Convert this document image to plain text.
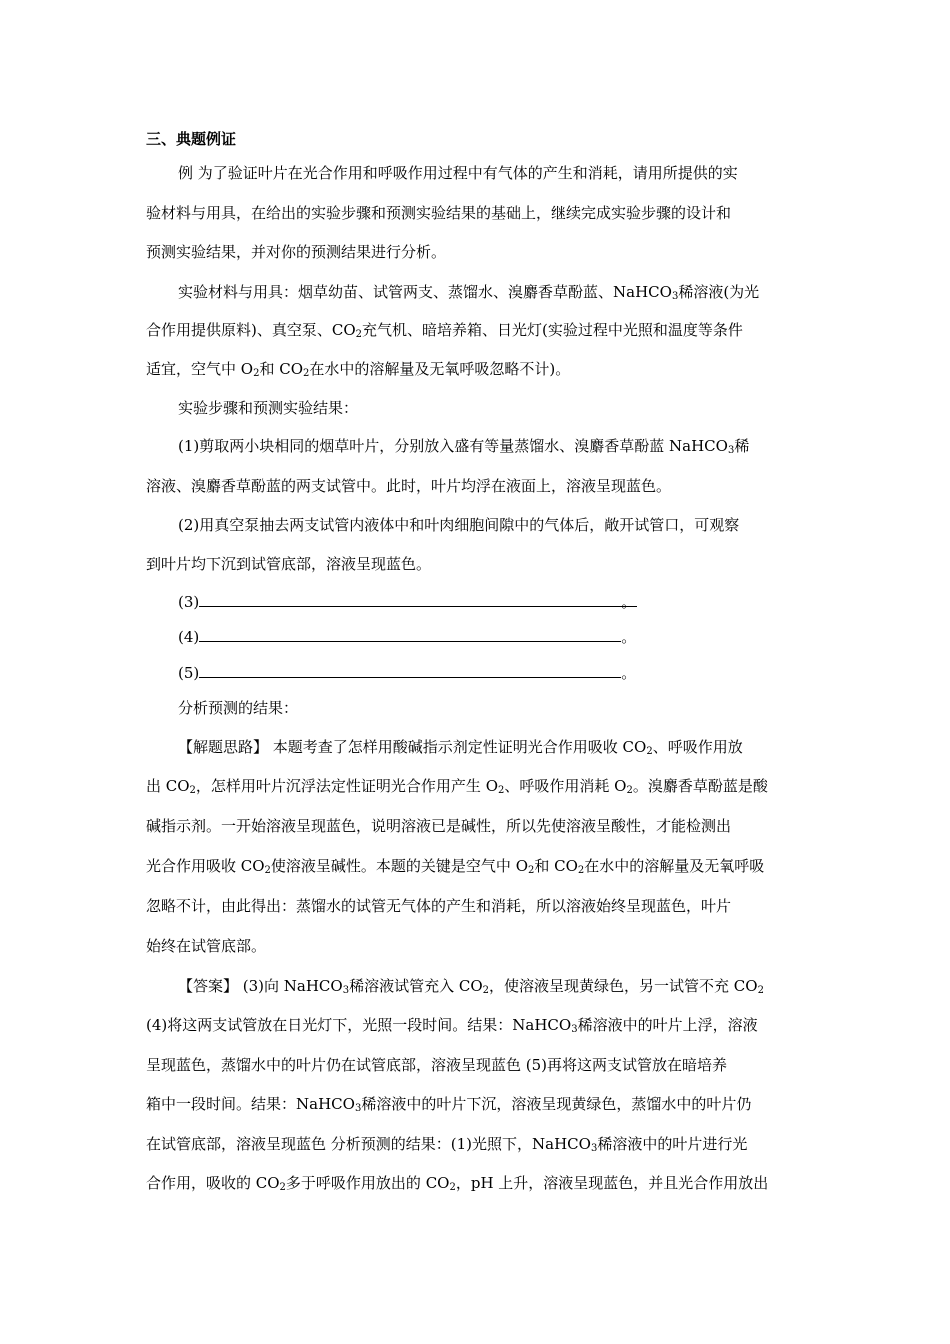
三、典题例证
例 为了验证叶片在光合作用和呼吸作用过程中有气体的产生和消耗，请用所提供的实
验材料与用具，在给出的实验步骤和预测实验结果的基础上，继续完成实验步骤的设计和
预测实验结果，并对你的预测结果进行分析。
实验材料与用具：烟草幼苗、试管两支、蒸馏水、溴麝香草酚蓝、NaHCO$_3$稀溶液(为光
合作用提供原料)、真空泵、$CO_2$充气机、暗培养箱、日光灯(实验过程中光照和温度等条件
适宜，空气中 $O_2$和 $CO_2$在水中的溶解量及无氧呼吸忽略不计)。
实验步骤和预测实验结果：
(1)剪取两小块相同的烟草叶片，分别放入盛有等量蒸馏水、溴麝香草酚蓝 NaHCO$_3$稀
溶液、溴麝香草酚蓝的两支试管中。此时，叶片均浮在液面上，溶液呈现蓝色。
(2)用真空泵抽去两支试管内液体中和叶肉细胞间隙中的气体后，敞开试管口，可观察
到叶片均下沉到试管底部，溶液呈现蓝色。
(3)	。
(4)	。
(5)	。
分析预测的结果：
【解题思路】 本题考查了怎样用酸碱指示剂定性证明光合作用吸收 $CO_2$、呼吸作用放
出 $CO_2$，怎样用叶片沉浮法定性证明光合作用产生 $O_2$、呼吸作用消耗 $O_2$。溴麝香草酚蓝是酸
碱指示剂。一开始溶液呈现蓝色，说明溶液已是碱性，所以先使溶液呈酸性，才能检测出
光合作用吸收 $CO_2$使溶液呈碱性。本题的关键是空气中 $O_2$和 $CO_2$在水中的溶解量及无氧呼吸
忽略不计，由此得出：蒸馏水的试管无气体的产生和消耗，所以溶液始终呈现蓝色，叶片
始终在试管底部。
【答案】 (3)向 NaHCO$_3$稀溶液试管充入 $CO_2$，使溶液呈现黄绿色，另一试管不充 $CO_2$
(4)将这两支试管放在日光灯下，光照一段时间。结果：NaHCO$_3$稀溶液中的叶片上浮，溶液
呈现蓝色，蒸馏水中的叶片仍在试管底部，溶液呈现蓝色 (5)再将这两支试管放在暗培养
箱中一段时间。结果：NaHCO$_3$稀溶液中的叶片下沉，溶液呈现黄绿色，蒸馏水中的叶片仍
在试管底部，溶液呈现蓝色 分析预测的结果：(1)光照下，NaHCO$_3$稀溶液中的叶片进行光
合作用，吸收的 $CO_2$多于呼吸作用放出的 $CO_2$，pH 上升，溶液呈现蓝色，并且光合作用放出
